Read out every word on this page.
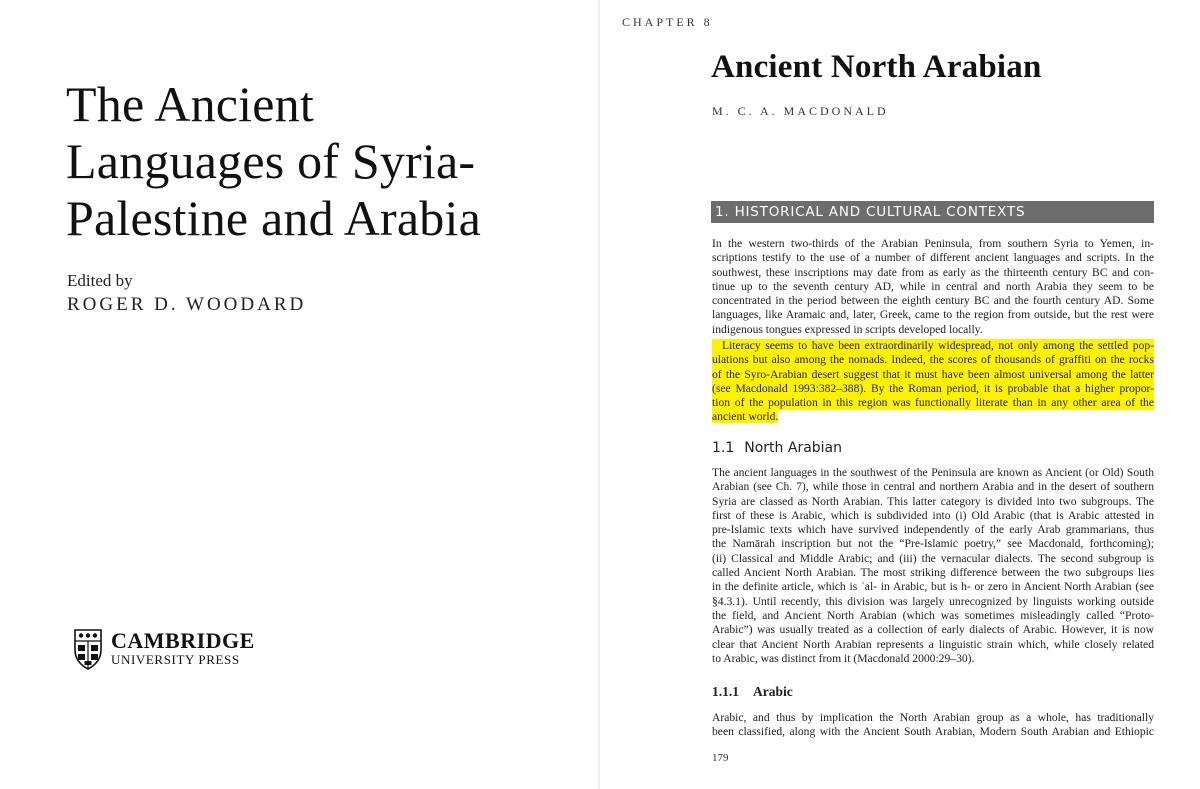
The Ancient
Languages of Syria-
Palestine and Arabia
Edited by
ROGER D. WOODARD
CAMBRIDGE
UNIVERSITY PRESS
CHAPTER 8
Ancient North Arabian
M. C. A. MACDONALD
1. HISTORICAL AND CULTURAL CONTEXTS
In the western two-thirds of the Arabian Peninsula, from southern Syria to Yemen, in-
scriptions testify to the use of a number of different ancient languages and scripts. In the
southwest, these inscriptions may date from as early as the thirteenth century BC and con-
tinue up to the seventh century AD, while in central and north Arabia they seem to be
concentrated in the period between the eighth century BC and the fourth century AD. Some
languages, like Aramaic and, later, Greek, came to the region from outside, but the rest were
indigenous tongues expressed in scripts developed locally.
Literacy seems to have been extraordinarily widespread, not only among the settled pop-
ulations but also among the nomads. Indeed, the scores of thousands of graffiti on the rocks
of the Syro-Arabian desert suggest that it must have been almost universal among the latter
(see Macdonald 1993:382–388). By the Roman period, it is probable that a higher propor-
tion of the population in this region was functionally literate than in any other area of the
ancient world.
1.1 North Arabian
The ancient languages in the southwest of the Peninsula are known as Ancient (or Old) South
Arabian (see Ch. 7), while those in central and northern Arabia and in the desert of southern
Syria are classed as North Arabian. This latter category is divided into two subgroups. The
first of these is Arabic, which is subdivided into (i) Old Arabic (that is Arabic attested in
pre-Islamic texts which have survived independently of the early Arab grammarians, thus
the Namārah inscription but not the “Pre-Islamic poetry,” see Macdonald, forthcoming);
(ii) Classical and Middle Arabic; and (iii) the vernacular dialects. The second subgroup is
called Ancient North Arabian. The most striking difference between the two subgroups lies
in the definite article, which is ʾal- in Arabic, but is h- or zero in Ancient North Arabian (see
§4.3.1). Until recently, this division was largely unrecognized by linguists working outside
the field, and Ancient North Arabian (which was sometimes misleadingly called “Proto-
Arabic”) was usually treated as a collection of early dialects of Arabic. However, it is now
clear that Ancient North Arabian represents a linguistic strain which, while closely related
to Arabic, was distinct from it (Macdonald 2000:29–30).
1.1.1 Arabic
Arabic, and thus by implication the North Arabian group as a whole, has traditionally
been classified, along with the Ancient South Arabian, Modern South Arabian and Ethiopic
179
